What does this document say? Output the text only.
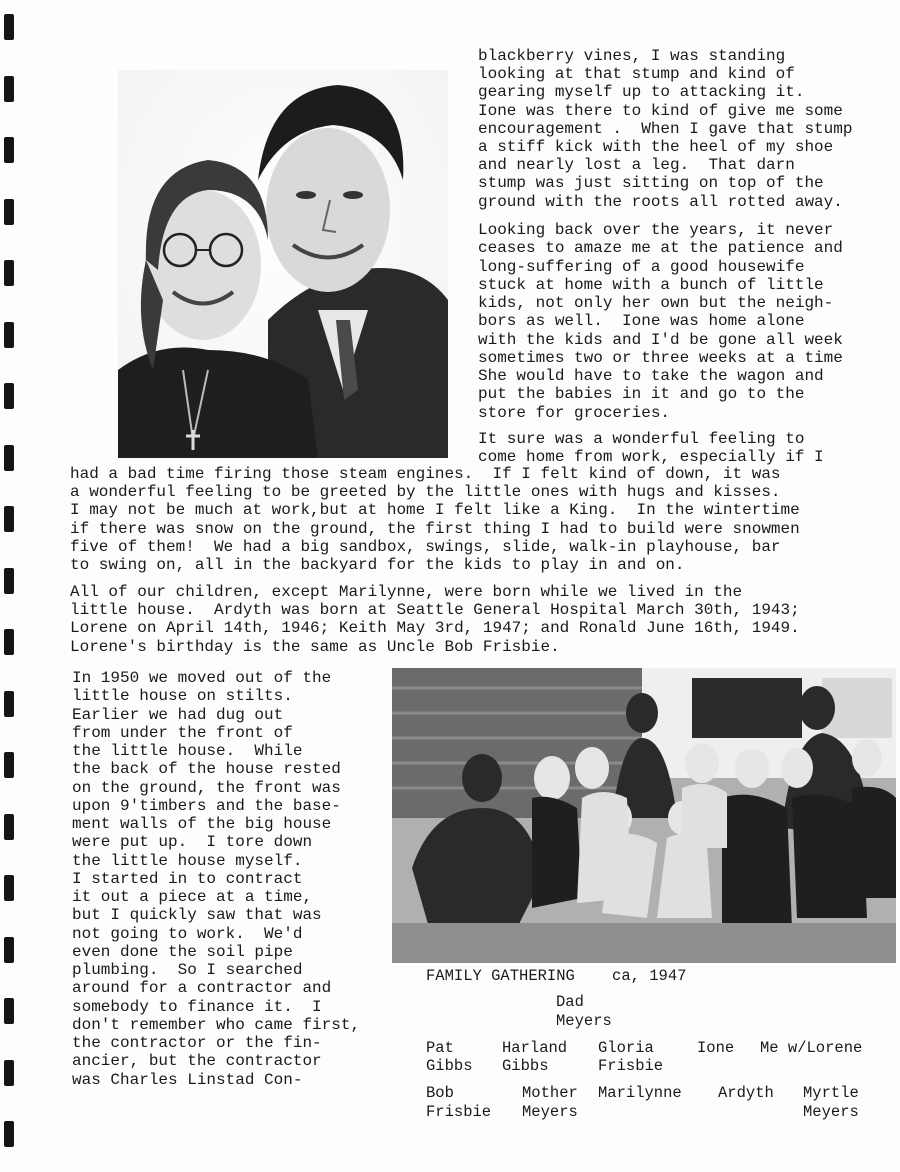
blackberry vines, I was standing
looking at that stump and kind of
gearing myself up to attacking it.
Ione was there to kind of give me some
encouragement .  When I gave that stump
a stiff kick with the heel of my shoe
and nearly lost a leg.  That darn
stump was just sitting on top of the
ground with the roots all rotted away.
Looking back over the years, it never
ceases to amaze me at the patience and
long-suffering of a good housewife
stuck at home with a bunch of little
kids, not only her own but the neigh-
bors as well.  Ione was home alone
with the kids and I'd be gone all week
sometimes two or three weeks at a time
She would have to take the wagon and
put the babies in it and go to the
store for groceries.
It sure was a wonderful feeling to
come home from work, especially if I
had a bad time firing those steam engines.  If I felt kind of down, it was
a wonderful feeling to be greeted by the little ones with hugs and kisses.
I may not be much at work,but at home I felt like a King.  In the wintertime
if there was snow on the ground, the first thing I had to build were snowmen
five of them!  We had a big sandbox, swings, slide, walk-in playhouse, bar
to swing on, all in the backyard for the kids to play in and on.
All of our children, except Marilynne, were born while we lived in the
little house.  Ardyth was born at Seattle General Hospital March 30th, 1943;
Lorene on April 14th, 1946; Keith May 3rd, 1947; and Ronald June 16th, 1949.
Lorene's birthday is the same as Uncle Bob Frisbie.
In 1950 we moved out of the
little house on stilts.
Earlier we had dug out
from under the front of
the little house.  While
the back of the house rested
on the ground, the front was
upon 9'timbers and the base-
ment walls of the big house
were put up.  I tore down
the little house myself.
I started in to contract
it out a piece at a time,
but I quickly saw that was
not going to work.  We'd
even done the soil pipe
plumbing.  So I searched
around for a contractor and
somebody to finance it.  I
don't remember who came first,
the contractor or the fin-
ancier, but the contractor
was Charles Linstad Con-
FAMILY GATHERING    ca, 1947
Dad
Meyers
Pat
Gibbs
Harland
Gibbs
Gloria
Frisbie
Ione Me w/Lorene
Bob
Frisbie
Mother
Meyers
Marilynne Ardyth Myrtle
Meyers
